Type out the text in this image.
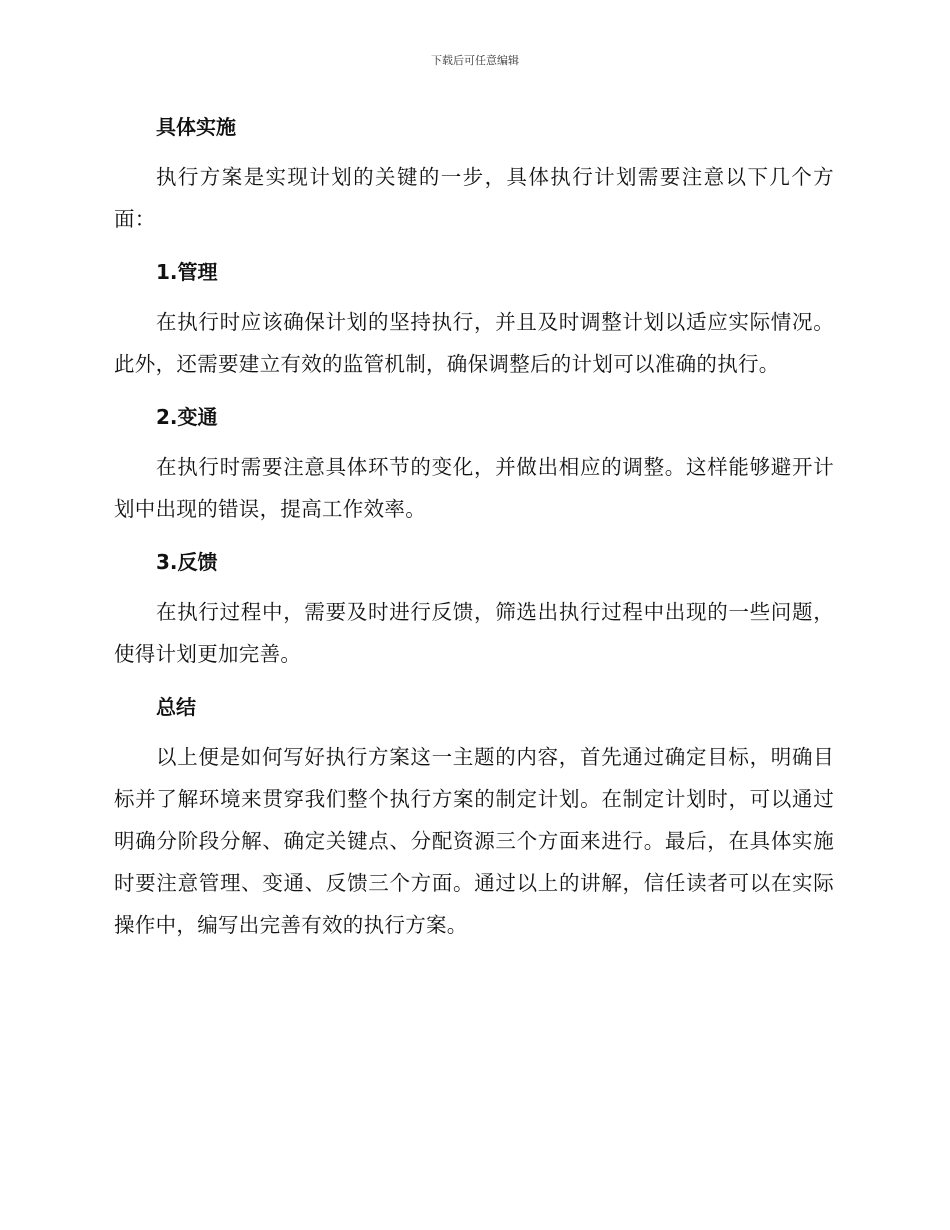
下载后可任意编辑
具体实施

执行方案是实现计划的关键的一步，具体执行计划需要注意以下几个方面：

1.管理

在执行时应该确保计划的坚持执行，并且及时调整计划以适应实际情况。此外，还需要建立有效的监管机制，确保调整后的计划可以准确的执行。

2.变通

在执行时需要注意具体环节的变化，并做出相应的调整。这样能够避开计划中出现的错误，提高工作效率。

3.反馈

在执行过程中，需要及时进行反馈，筛选出执行过程中出现的一些问题，使得计划更加完善。

总结

以上便是如何写好执行方案这一主题的内容，首先通过确定目标，明确目标并了解环境来贯穿我们整个执行方案的制定计划。在制定计划时，可以通过明确分阶段分解、确定关键点、分配资源三个方面来进行。最后，在具体实施时要注意管理、变通、反馈三个方面。通过以上的讲解，信任读者可以在实际操作中，编写出完善有效的执行方案。
